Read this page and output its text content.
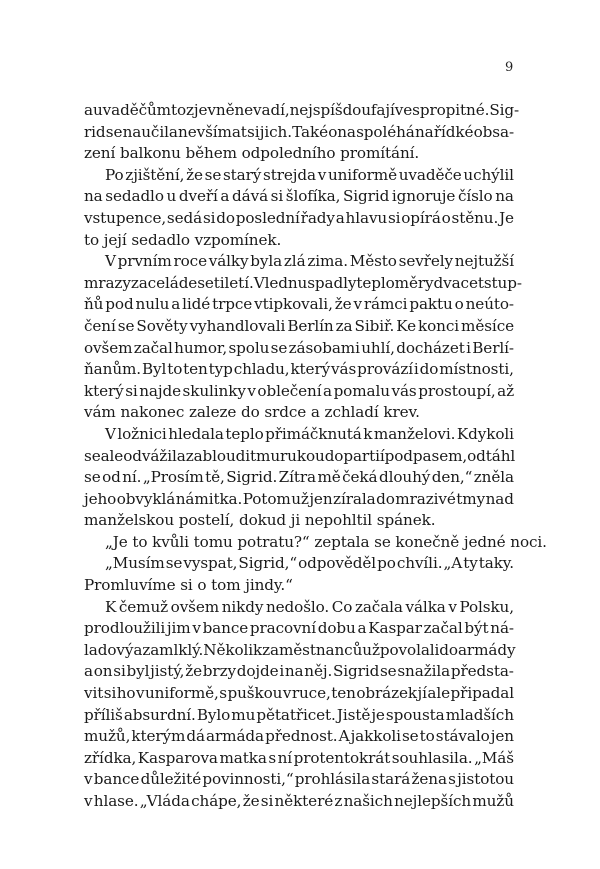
9
a uvaděčům to zjevně nevadí, nejspíš doufají ve spropitné. Sig-
rid se naučila nevšímat si jich. Také ona spoléhá na řídké obsa-
zení balkonu během odpoledního promítání.
Po zjištění, že se starý strejda v uniformě uvaděče uchýlil
na sedadlo u dveří a dává si šlofíka, Sigrid ignoruje číslo na
vstupence, sedá si do poslední řady a hlavu si opírá o stěnu. Je
to její sedadlo vzpomínek.
V prvním roce války byla zlá zima. Město sevřely nejtužší
mrazy za celá desetiletí. V lednu spadly teploměry dvacet stup-
ňů pod nulu a lidé trpce vtipkovali, že v rámci paktu o neúto-
čení se Sověty vyhandlovali Berlín za Sibiř. Ke konci měsíce
ovšem začal humor, spolu se zásobami uhlí, docházet i Berlí-
ňanům. Byl to ten typ chladu, který vás provází i do místnosti,
který si najde skulinky v oblečení a pomalu vás prostoupí, až
vám nakonec zaleze do srdce a zchladí krev.
V ložnici hledala teplo přimáčknutá k manželovi. Kdykoli
se ale odvážila zabloudit mu rukou do partií pod pasem, odtáhl
se od ní. „Prosím tě, Sigrid. Zítra mě čeká dlouhý den,“ zněla
jeho obvyklá námitka. Potom už jen zírala do mrazivé tmy nad
manželskou postelí, dokud ji nepohltil spánek.
„Je to kvůli tomu potratu?“ zeptala se konečně jedné noci.
„Musím se vyspat, Sigrid,“ odpověděl po chvíli. „A ty taky.
Promluvíme si o tom jindy.“
K čemuž ovšem nikdy nedošlo. Co začala válka v Polsku,
prodloužili jim v bance pracovní dobu a Kaspar začal být ná-
ladový a zamlklý. Několik zaměstnanců už povolali do armády
a on si byl jistý, že brzy dojde i na něj. Sigrid se snažila předsta-
vit si ho v uniformě, s puškou v ruce, ten obrázek jí ale připadal
příliš absurdní. Bylo mu pětatřicet. Jistě je spousta mladších
mužů, kterým dá armáda přednost. A jakkoli se to stávalo jen
zřídka, Kasparova matka s ní protentokrát souhlasila. „Máš
v bance důležité povinnosti,“ prohlásila stará žena s jistotou
v hlase. „Vláda chápe, že si některé z našich nejlepších mužů
